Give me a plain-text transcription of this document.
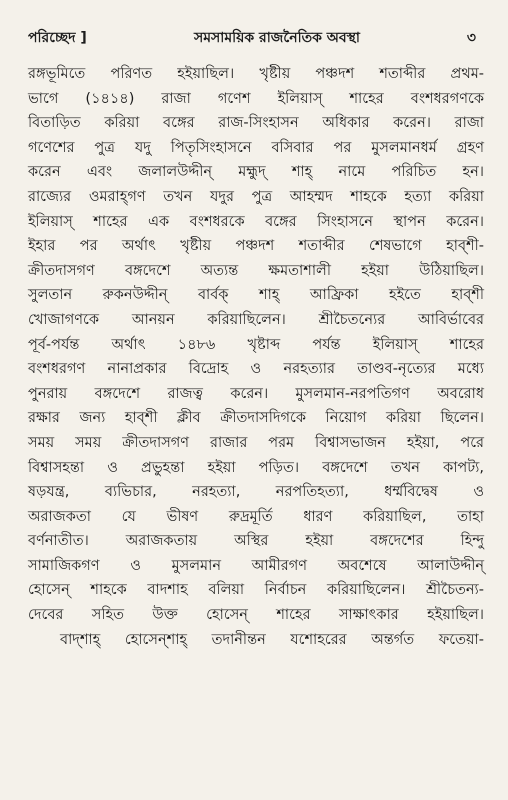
পরিচ্ছেদ ]	সমসাময়িক রাজনৈতিক অবস্থা	৩

রঙ্গভূমিতে পরিণত হইয়াছিল। খৃষ্টীয় পঞ্চদশ শতাব্দীর প্রথম-

ভাগে (১৪১৪) রাজা গণেশ ইলিয়াস্ শাহের বংশধরগণকে

বিতাড়িত করিয়া বঙ্গের রাজ-সিংহাসন অধিকার করেন। রাজা

গণেশের পুত্র যদু পিতৃসিংহাসনে বসিবার পর মুসলমানধর্ম গ্রহণ

করেন এবং জলালউদ্দীন্ মহ্মুদ্ শাহ্ নামে পরিচিত হন।

রাজ্যের ওমরাহ্গণ তখন যদুর পুত্র আহম্মদ শাহকে হত্যা করিয়া

ইলিয়াস্ শাহের এক বংশধরকে বঙ্গের সিংহাসনে স্থাপন করেন।

ইহার পর অর্থাৎ খৃষ্টীয় পঞ্চদশ শতাব্দীর শেষভাগে হাব্শী-

ক্রীতদাসগণ বঙ্গদেশে অত্যন্ত ক্ষমতাশালী হইয়া উঠিয়াছিল।

সুলতান রুকনউদ্দীন্ বার্বক্ শাহ্ আফ্রিকা হইতে হাব্শী

খোজাগণকে আনয়ন করিয়াছিলেন। শ্রীচৈতন্যের আবির্ভাবের

পূর্ব-পর্যন্ত অর্থাৎ ১৪৮৬ খৃষ্টাব্দ পর্যন্ত ইলিয়াস্ শাহের

বংশধরগণ নানাপ্রকার বিদ্রোহ ও নরহত্যার তাণ্ডব-নৃত্যের মধ্যে

পুনরায় বঙ্গদেশে রাজত্ব করেন। মুসলমান-নরপতিগণ অবরোধ

রক্ষার জন্য হাব্শী ক্লীব ক্রীতদাসদিগকে নিয়োগ করিয়া ছিলেন।

সময় সময় ক্রীতদাসগণ রাজার পরম বিশ্বাসভাজন হইয়া, পরে

বিশ্বাসহন্তা ও প্রভুহন্তা হইয়া পড়িত। বঙ্গদেশে তখন কাপট্য,

ষড়যন্ত্র, ব্যভিচার, নরহত্যা, নরপতিহত্যা, ধর্ম্মবিদ্বেষ ও

অরাজকতা যে ভীষণ রুদ্রমূর্তি ধারণ করিয়াছিল, তাহা

বর্ণনাতীত। অরাজকতায় অস্থির হইয়া বঙ্গদেশের হিন্দু

সামাজিকগণ ও মুসলমান আমীরগণ অবশেষে আলাউদ্দীন্

হোসেন্ শাহকে বাদশাহ বলিয়া নির্বাচন করিয়াছিলেন। শ্রীচৈতন্য-

দেবের সহিত উক্ত হোসেন্ শাহের সাক্ষাৎকার হইয়াছিল।

বাদ্শাহ্ হোসেন্শাহ্ তদানীন্তন যশোহরের অন্তর্গত ফতেয়া-
